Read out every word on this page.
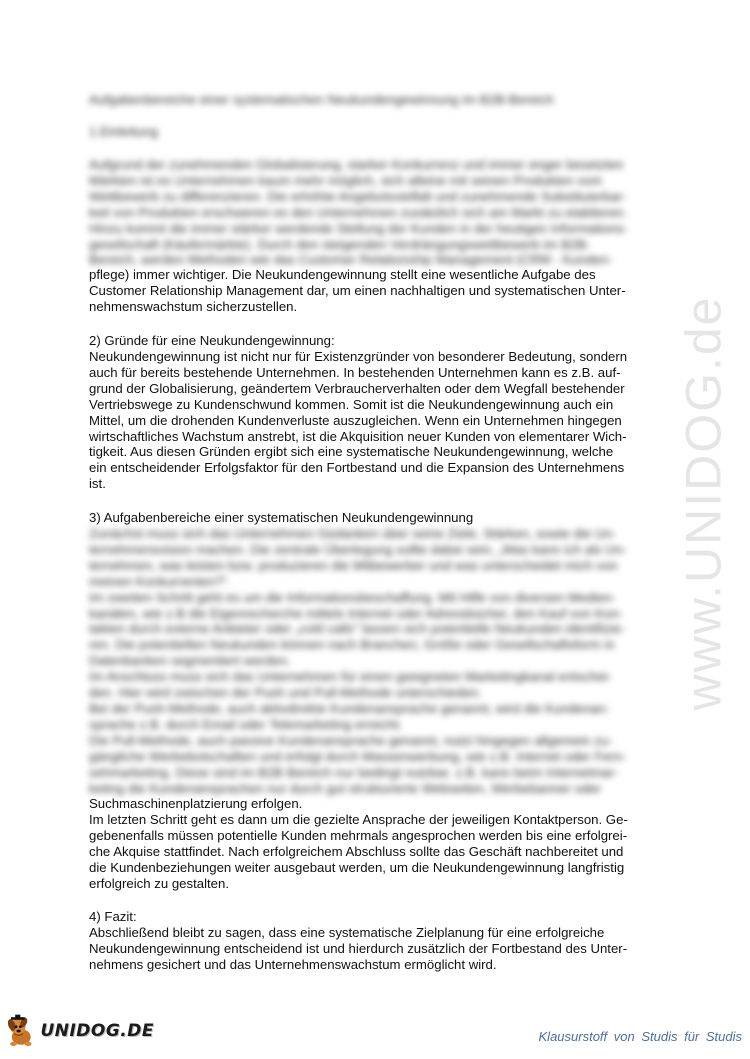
Aufgabenbereiche einer systematischen Neukundengewinnung im B2B-Bereich
1.Einleitung
Aufgrund der zunehmenden Globalisierung, starker Konkurrenz und immer enger besetzten
Märkten ist es Unternehmen kaum mehr möglich, sich alleine mit seinen Produkten vom
Wettbewerb zu differenzieren. Die erhöhte Angebotsvielfalt und zunehmende Substituierbar-
keit von Produkten erschweren es den Unternehmen zusätzlich sich am Markt zu etablieren.
Hinzu kommt die immer stärker werdende Stellung der Kunden in der heutigen Informations-
gesellschaft (Käufermärkte). Durch den steigenden Verdrängungswettbewerb im B2B-
Bereich, werden Methoden wie das Customer Relationship Management (CRM - Kunden-
pflege) immer wichtiger. Die Neukundengewinnung stellt eine wesentliche Aufgabe des
Customer Relationship Management dar, um einen nachhaltigen und systematischen Unter-
nehmenswachstum sicherzustellen.
2) Gründe für eine Neukundengewinnung:
Neukundengewinnung ist nicht nur für Existenzgründer von besonderer Bedeutung, sondern
auch für bereits bestehende Unternehmen. In bestehenden Unternehmen kann es z.B. auf-
grund der Globalisierung, geändertem Verbraucherverhalten oder dem Wegfall bestehender
Vertriebswege zu Kundenschwund kommen. Somit ist die Neukundengewinnung auch ein
Mittel, um die drohenden Kundenverluste auszugleichen. Wenn ein Unternehmen hingegen
wirtschaftliches Wachstum anstrebt, ist die Akquisition neuer Kunden von elementarer Wich-
tigkeit. Aus diesen Gründen ergibt sich eine systematische Neukundengewinnung, welche
ein entscheidender Erfolgsfaktor für den Fortbestand und die Expansion des Unternehmens
ist.
3) Aufgabenbereiche einer systematischen Neukundengewinnung
Zunächst muss sich das Unternehmen Gedanken über seine Ziele, Stärken, sowie die Un-
ternehmensvision machen. Die zentrale Überlegung sollte dabei sein, „Was kann ich als Un-
ternehmen, was leisten bzw. produzieren die Mitbewerber und was unterscheidet mich von
meinen Konkurrenten?".
Im zweiten Schritt geht es um die Informationsbeschaffung. Mit Hilfe von diversen Medien-
kanälen, wie z.B die Eigenrecherche mittels Internet oder Adressbücher, den Kauf von Kon-
takten durch externe Anbieter oder „cold calls" lassen sich potentielle Neukunden identifizie-
ren. Die potentiellen Neukunden können nach Branchen, Größe oder Gesellschaftsform in
Datenbanken segmentiert werden.
Im Anschluss muss sich das Unternehmen für einen geeigneten Marketingkanal entschei-
den. Hier wird zwischen der Push und Pull-Methode unterschieden.
Bei der Push-Methode, auch aktivdirekte Kundenansprache genannt, wird die Kundenan-
sprache z.B. durch Email oder Telemarketing erreicht.
Die Pull-Methode, auch passive Kundenansprache genannt, nutzt hingegen allgemein zu-
gängliche Werbebotschaften und erfolgt durch Massenwerbung, wie z.B. Internet oder Fern-
sehmarketing. Diese sind im B2B Bereich nur bedingt nutzbar. z.B. kann beim Internetmar-
keting die Kundenansprachen nur durch gut strukturierte Webseiten, Werbebanner oder
Suchmaschinenplatzierung erfolgen.
Im letzten Schritt geht es dann um die gezielte Ansprache der jeweiligen Kontaktperson. Ge-
gebenenfalls müssen potentielle Kunden mehrmals angesprochen werden bis eine erfolgrei-
che Akquise stattfindet. Nach erfolgreichem Abschluss sollte das Geschäft nachbereitet und
die Kundenbeziehungen weiter ausgebaut werden, um die Neukundengewinnung langfristig
erfolgreich zu gestalten.
4) Fazit:
Abschließend bleibt zu sagen, dass eine systematische Zielplanung für eine erfolgreiche
Neukundengewinnung entscheidend ist und hierdurch zusätzlich der Fortbestand des Unter-
nehmens gesichert und das Unternehmenswachstum ermöglicht wird.
www.UNIDOG.de
UNIDOG.DE	Klausurstoff von Studis für Studis
